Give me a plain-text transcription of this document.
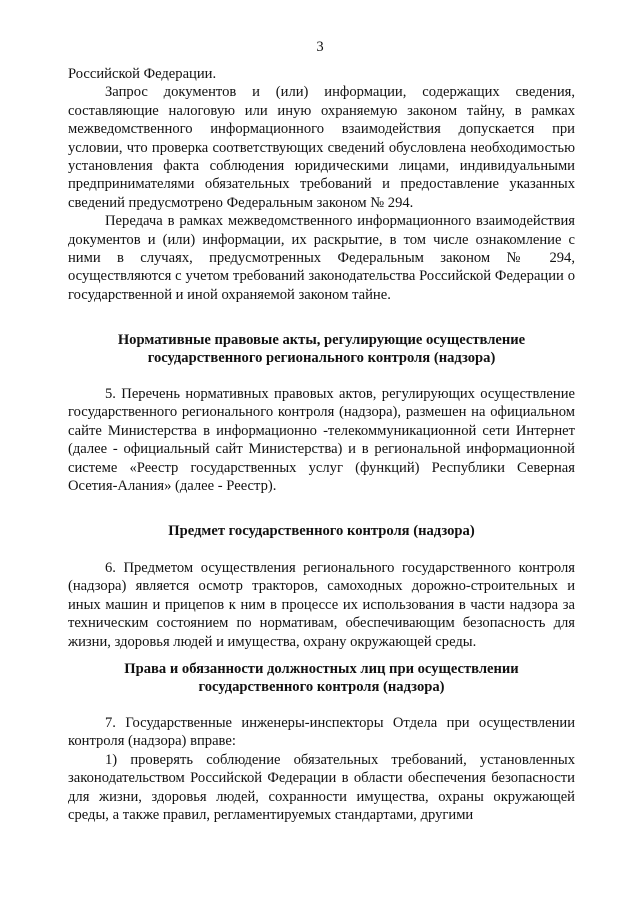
3

Российской Федерации.

Запрос документов и (или) информации, содержащих сведения, составляющие налоговую или иную охраняемую законом тайну, в рамках межведомственного информационного взаимодействия допускается при условии, что проверка соответствующих сведений обусловлена необходимостью установления факта соблюдения юридическими лицами, индивидуальными предпринимателями обязательных требований и предоставление указанных сведений предусмотрено Федеральным законом № 294.

Передача в рамках межведомственного информационного взаимодействия документов и (или) информации, их раскрытие, в том числе ознакомление с ними в случаях, предусмотренных Федеральным законом № 294, осуществляются с учетом требований законодательства Российской Федерации о государственной и иной охраняемой законом тайне.

Нормативные правовые акты, регулирующие осуществление
государственного регионального контроля (надзора)

5. Перечень нормативных правовых актов, регулирующих осуществление государственного регионального контроля (надзора), размешен на официальном сайте Министерства в информационно -телекоммуникационной сети Интернет (далее - официальный сайт Министерства) и в региональной информационной системе «Реестр государственных услуг (функций) Республики Северная Осетия-Алания» (далее - Реестр).

Предмет государственного контроля (надзора)

6. Предметом осуществления регионального государственного контроля (надзора) является осмотр тракторов, самоходных дорожно-строительных и иных машин и прицепов к ним в процессе их использования в части надзора за техническим состоянием по нормативам, обеспечивающим безопасность для жизни, здоровья людей и имущества, охрану окружающей среды.

Права и обязанности должностных лиц при осуществлении
государственного контроля (надзора)

7. Государственные инженеры-инспекторы Отдела при осуществлении контроля (надзора) вправе:

1) проверять соблюдение обязательных требований, установленных законодательством Российской Федерации в области обеспечения безопасности для жизни, здоровья людей, сохранности имущества, охраны окружающей среды, а также правил, регламентируемых стандартами, другими
